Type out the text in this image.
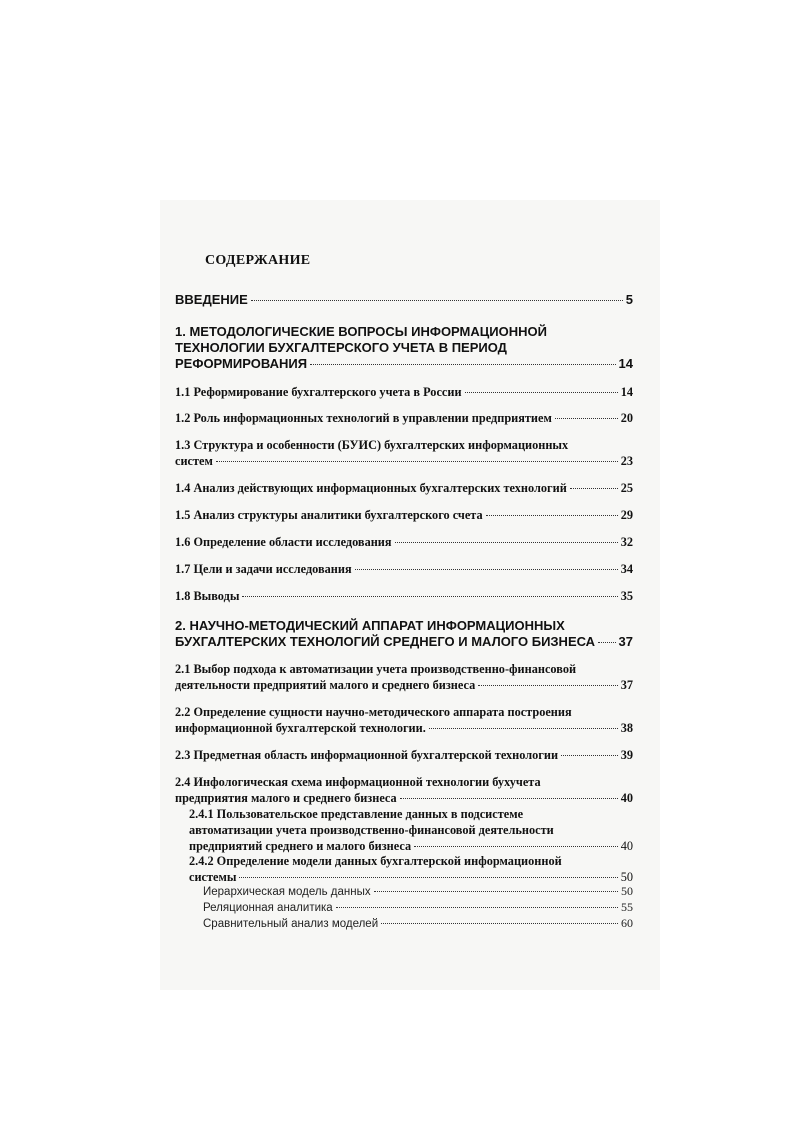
СОДЕРЖАНИЕ
ВВЕДЕНИЕ	5
1. МЕТОДОЛОГИЧЕСКИЕ ВОПРОСЫ ИНФОРМАЦИОННОЙ
ТЕХНОЛОГИИ БУХГАЛТЕРСКОГО УЧЕТА В ПЕРИОД
РЕФОРМИРОВАНИЯ	14
1.1 Реформирование бухгалтерского учета в России	14
1.2 Роль информационных технологий в управлении предприятием	20
1.3 Структура и особенности (БУИС) бухгалтерских информационных
систем	23
1.4 Анализ действующих информационных бухгалтерских технологий	25
1.5 Анализ структуры аналитики бухгалтерского счета	29
1.6 Определение области исследования	32
1.7 Цели и задачи исследования	34
1.8 Выводы	35
2. НАУЧНО-МЕТОДИЧЕСКИЙ АППАРАТ ИНФОРМАЦИОННЫХ
БУХГАЛТЕРСКИХ ТЕХНОЛОГИЙ СРЕДНЕГО И МАЛОГО БИЗНЕСА 37
2.1 Выбор подхода к автоматизации учета производственно-финансовой
деятельности предприятий малого и среднего бизнеса	37
2.2 Определение сущности научно-методического аппарата построения
информационной бухгалтерской технологии.	38
2.3 Предметная область информационной бухгалтерской технологии	39
2.4 Инфологическая схема информационной технологии бухучета
предприятия малого и среднего бизнеса	40
2.4.1 Пользовательское представление данных в подсистеме
автоматизации учета производственно-финансовой деятельности
предприятий среднего и малого бизнеса	40
2.4.2 Определение модели данных бухгалтерской информационной
системы	50
Иерархическая модель данных	50
Реляционная аналитика	55
Сравнительный анализ моделей	60
